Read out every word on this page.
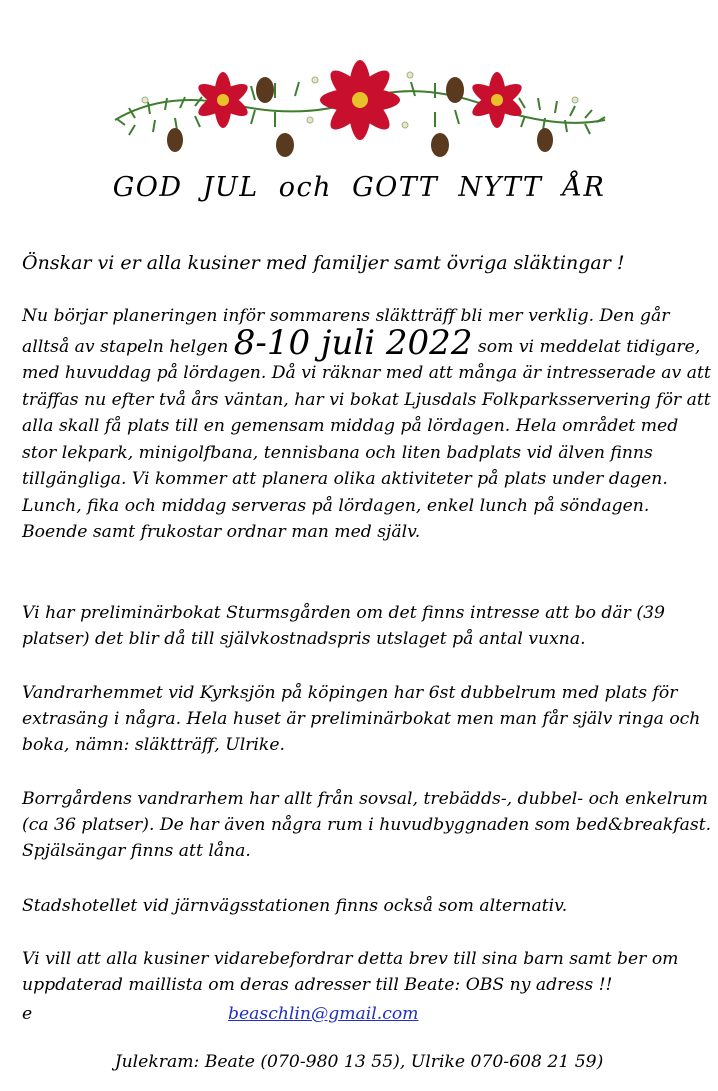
GOD JUL och GOTT NYTT ÅR

Önskar vi er alla kusiner med familjer samt övriga släktingar !

Nu börjar planeringen inför sommarens släktträff bli mer verklig. Den går alltså av stapeln helgen 8-10 juli 2022 som vi meddelat tidigare, med huvuddag på lördagen. Då vi räknar med att många är intresserade av att träffas nu efter två års väntan, har vi bokat Ljusdals Folkparksservering för att alla skall få plats till en gemensam middag på lördagen. Hela området med stor lekpark, minigolfbana, tennisbana och liten badplats vid älven finns tillgängliga. Vi kommer att planera olika aktiviteter på plats under dagen. Lunch, fika och middag serveras på lördagen, enkel lunch på söndagen. Boende samt frukostar ordnar man med själv.

Vi har preliminärbokat Sturmsgården om det finns intresse att bo där (39 platser) det blir då till självkostnadspris utslaget på antal vuxna.

Vandrarhemmet vid Kyrksjön på köpingen har 6st dubbelrum med plats för extrasäng i några. Hela huset är preliminärbokat men man får själv ringa och boka, nämn: släktträff, Ulrike.

Borrgårdens vandrarhem har allt från sovsal, trebädds-, dubbel- och enkelrum (ca 36 platser). De har även några rum i huvudbyggnaden som bed&breakfast. Spjälsängar finns att låna.

Stadshotellet vid järnvägsstationen finns också som alternativ.

Vi vill att alla kusiner vidarebefordrar detta brev till sina barn samt ber om uppdaterad maillista om deras adresser till Beate: OBS ny adress !!

e	beaschlin@gmail.com
Julekram: Beate (070-980 13 55), Ulrike 070-608 21 59)
